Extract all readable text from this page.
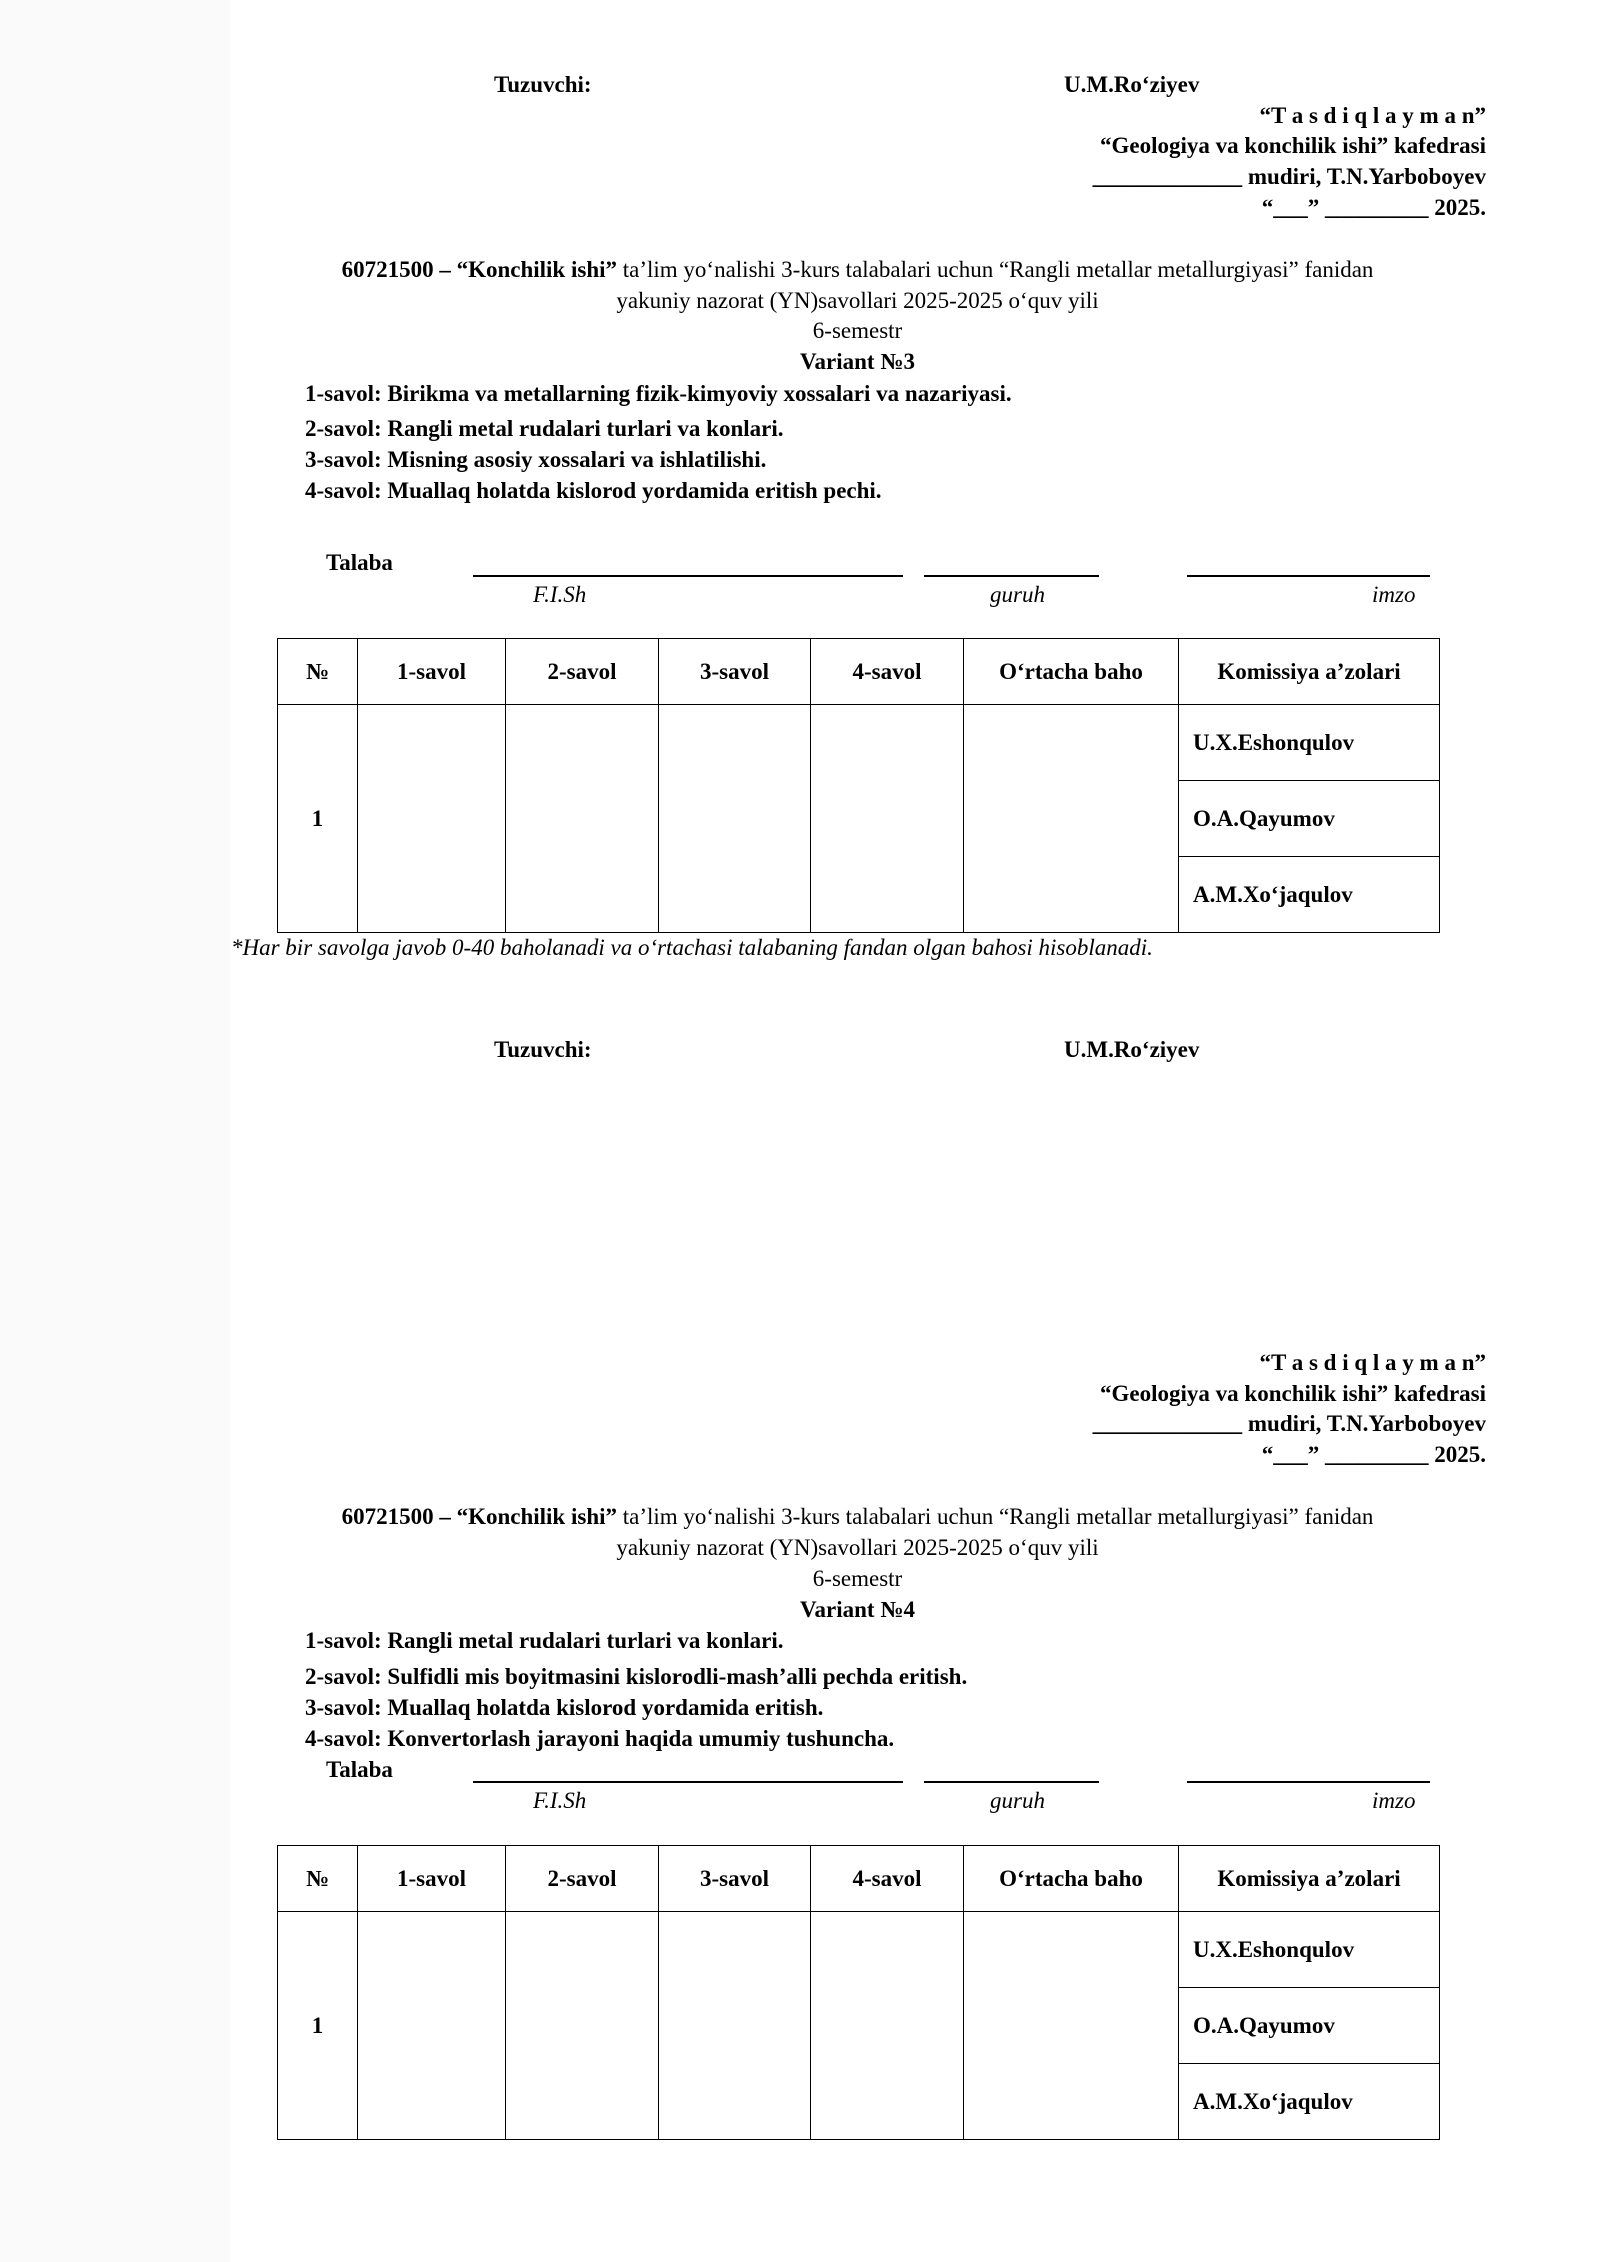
Tuzuvchi:	U.M.Ro‘ziyev
“T a s d i q l a y m a n”
“Geologiya va konchilik ishi” kafedrasi
_____________ mudiri, T.N.Yarboboyev
“___” _________ 2025.
60721500 – “Konchilik ishi” ta’lim yo‘nalishi 3-kurs talabalari uchun “Rangli metallar metallurgiyasi” fanidan
yakuniy nazorat (YN)savollari 2025-2025 o‘quv yili
6-semestr
Variant №3
1-savol: Birikma va metallarning fizik-kimyoviy xossalari va nazariyasi.
2-savol: Rangli metal rudalari turlari va konlari.
3-savol: Misning asosiy xossalari va ishlatilishi.
4-savol: Muallaq holatda kislorod yordamida eritish pechi.
Talaba
F.I.Sh	guruh	imzo
№	1-savol	2-savol	3-savol	4-savol	O‘rtacha baho	Komissiya a’zolari
1						U.X.Eshonqulov
						O.A.Qayumov
						A.M.Xo‘jaqulov
*Har bir savolga javob 0-40 baholanadi va o‘rtachasi talabaning fandan olgan bahosi hisoblanadi.
Tuzuvchi:	U.M.Ro‘ziyev
“T a s d i q l a y m a n”
“Geologiya va konchilik ishi” kafedrasi
_____________ mudiri, T.N.Yarboboyev
“___” _________ 2025.
60721500 – “Konchilik ishi” ta’lim yo‘nalishi 3-kurs talabalari uchun “Rangli metallar metallurgiyasi” fanidan
yakuniy nazorat (YN)savollari 2025-2025 o‘quv yili
6-semestr
Variant №4
1-savol: Rangli metal rudalari turlari va konlari.
2-savol: Sulfidli mis boyitmasini kislorodli-mash’alli pechda eritish.
3-savol: Muallaq holatda kislorod yordamida eritish.
4-savol: Konvertorlash jarayoni haqida umumiy tushuncha.
Talaba
F.I.Sh	guruh	imzo
№	1-savol	2-savol	3-savol	4-savol	O‘rtacha baho	Komissiya a’zolari
1						U.X.Eshonqulov
						O.A.Qayumov
						A.M.Xo‘jaqulov
